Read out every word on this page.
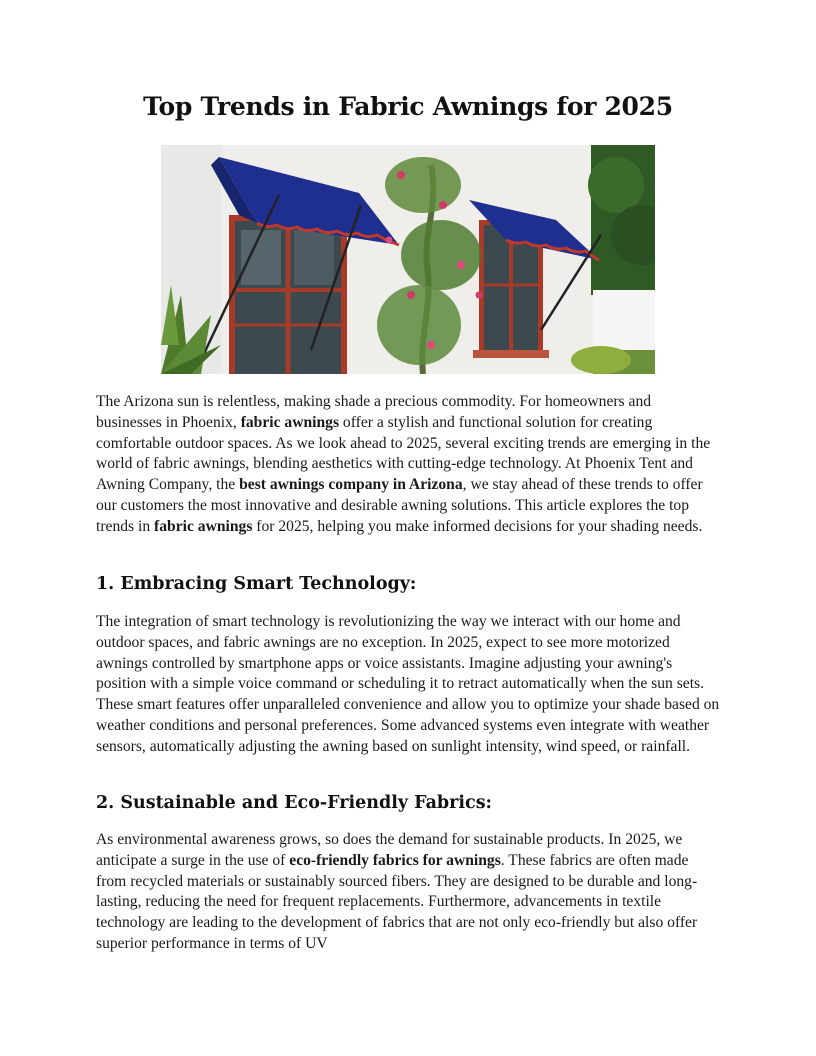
Top Trends in Fabric Awnings for 2025

The Arizona sun is relentless, making shade a precious commodity. For homeowners and businesses in Phoenix, fabric awnings offer a stylish and functional solution for creating comfortable outdoor spaces. As we look ahead to 2025, several exciting trends are emerging in the world of fabric awnings, blending aesthetics with cutting-edge technology. At Phoenix Tent and Awning Company, the best awnings company in Arizona, we stay ahead of these trends to offer our customers the most innovative and desirable awning solutions. This article explores the top trends in fabric awnings for 2025, helping you make informed decisions for your shading needs.

1. Embracing Smart Technology:

The integration of smart technology is revolutionizing the way we interact with our home and outdoor spaces, and fabric awnings are no exception. In 2025, expect to see more motorized awnings controlled by smartphone apps or voice assistants. Imagine adjusting your awning's position with a simple voice command or scheduling it to retract automatically when the sun sets. These smart features offer unparalleled convenience and allow you to optimize your shade based on weather conditions and personal preferences. Some advanced systems even integrate with weather sensors, automatically adjusting the awning based on sunlight intensity, wind speed, or rainfall.

2. Sustainable and Eco-Friendly Fabrics:

As environmental awareness grows, so does the demand for sustainable products. In 2025, we anticipate a surge in the use of eco-friendly fabrics for awnings. These fabrics are often made from recycled materials or sustainably sourced fibers. They are designed to be durable and long-lasting, reducing the need for frequent replacements. Furthermore, advancements in textile technology are leading to the development of fabrics that are not only eco-friendly but also offer superior performance in terms of UV
